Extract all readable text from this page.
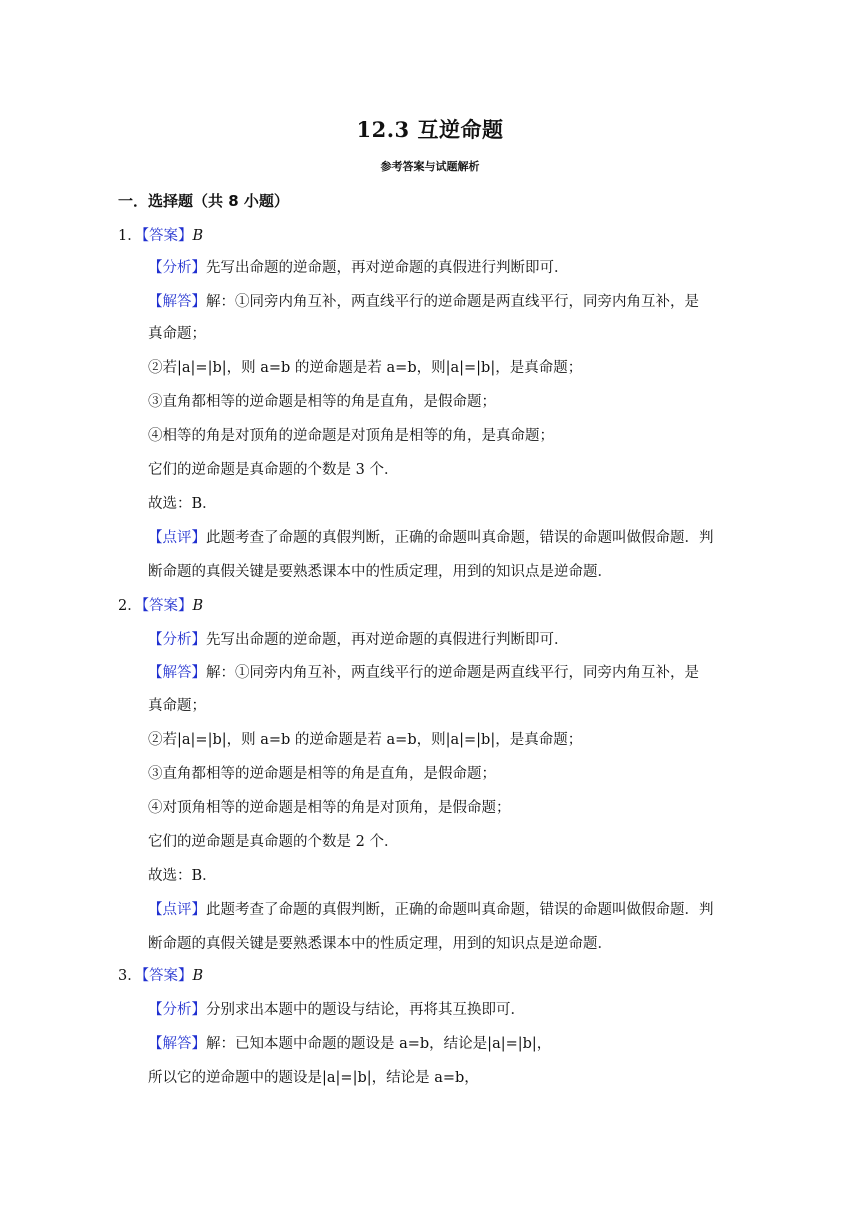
12.3 互逆命题
参考答案与试题解析
一．选择题（共 8 小题）
1．【答案】B
【分析】先写出命题的逆命题，再对逆命题的真假进行判断即可．
【解答】解：①同旁内角互补，两直线平行的逆命题是两直线平行，同旁内角互补，是
真命题；
②若|a|=|b|，则 a=b 的逆命题是若 a=b，则|a|=|b|，是真命题；
③直角都相等的逆命题是相等的角是直角，是假命题；
④相等的角是对顶角的逆命题是对顶角是相等的角，是真命题；
它们的逆命题是真命题的个数是 3 个．
故选：B．
【点评】此题考查了命题的真假判断，正确的命题叫真命题，错误的命题叫做假命题．判
断命题的真假关键是要熟悉课本中的性质定理，用到的知识点是逆命题．
2．【答案】B
【分析】先写出命题的逆命题，再对逆命题的真假进行判断即可．
【解答】解：①同旁内角互补，两直线平行的逆命题是两直线平行，同旁内角互补，是
真命题；
②若|a|=|b|，则 a=b 的逆命题是若 a=b，则|a|=|b|，是真命题；
③直角都相等的逆命题是相等的角是直角，是假命题；
④对顶角相等的逆命题是相等的角是对顶角，是假命题；
它们的逆命题是真命题的个数是 2 个．
故选：B．
【点评】此题考查了命题的真假判断，正确的命题叫真命题，错误的命题叫做假命题．判
断命题的真假关键是要熟悉课本中的性质定理，用到的知识点是逆命题．
3．【答案】B
【分析】分别求出本题中的题设与结论，再将其互换即可．
【解答】解：已知本题中命题的题设是 a=b，结论是|a|=|b|，
所以它的逆命题中的题设是|a|=|b|，结论是 a=b，
